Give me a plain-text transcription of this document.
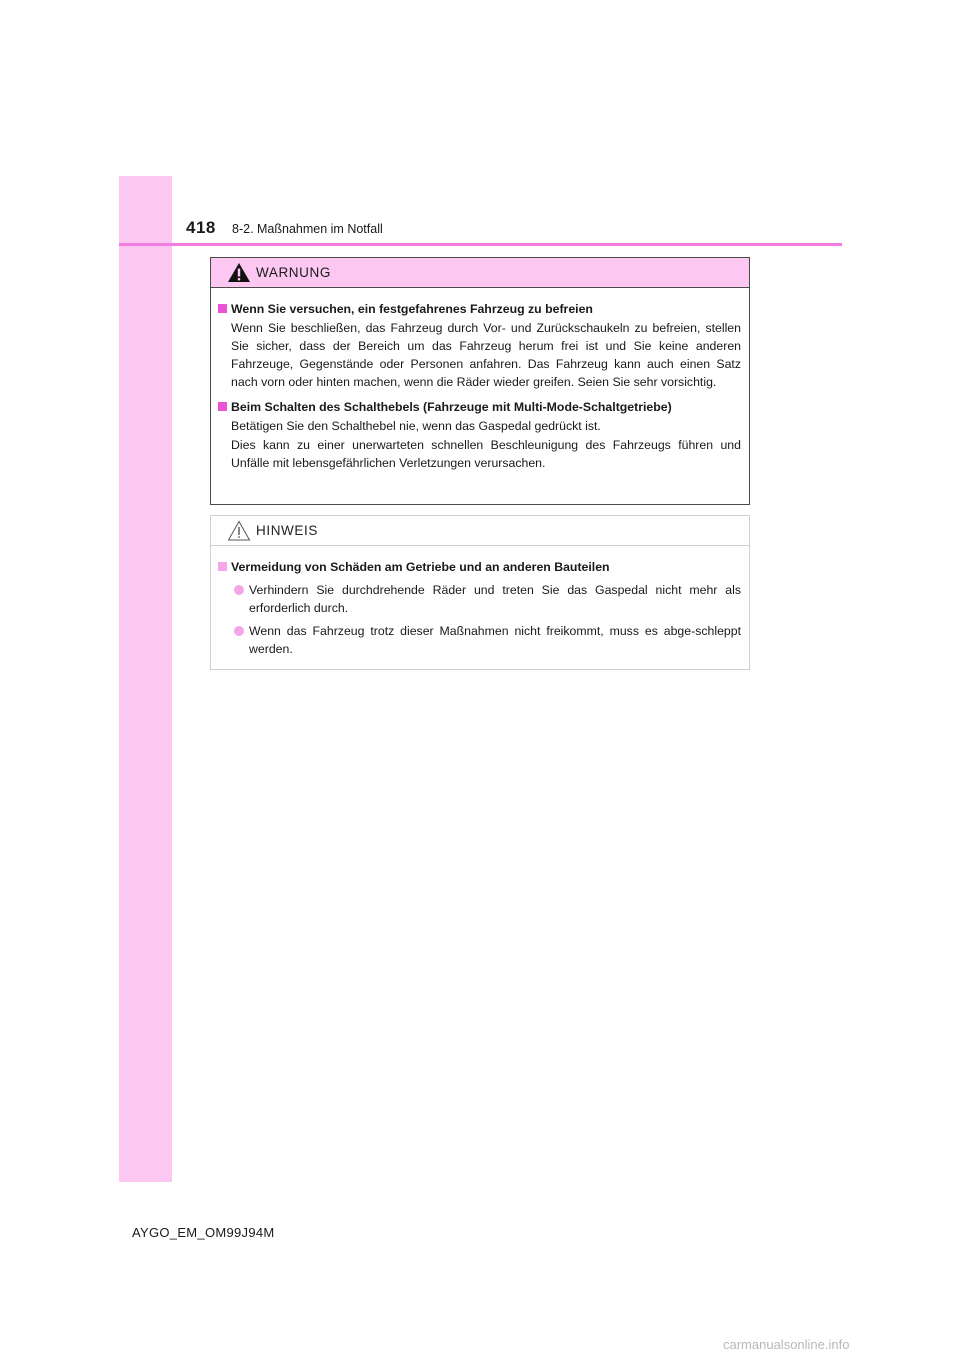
418 8-2. Maßnahmen im Notfall
WARNUNG
Wenn Sie versuchen, ein festgefahrenes Fahrzeug zu befreien
Wenn Sie beschließen, das Fahrzeug durch Vor- und Zurückschaukeln zu befreien, stellen Sie sicher, dass der Bereich um das Fahrzeug herum frei ist und Sie keine anderen Fahrzeuge, Gegenstände oder Personen anfahren. Das Fahrzeug kann auch einen Satz nach vorn oder hinten machen, wenn die Räder wieder greifen. Seien Sie sehr vorsichtig.
Beim Schalten des Schalthebels (Fahrzeuge mit Multi-Mode-Schaltgetriebe)
Betätigen Sie den Schalthebel nie, wenn das Gaspedal gedrückt ist.
Dies kann zu einer unerwarteten schnellen Beschleunigung des Fahrzeugs führen und Unfälle mit lebensgefährlichen Verletzungen verursachen.
HINWEIS
Vermeidung von Schäden am Getriebe und an anderen Bauteilen
Verhindern Sie durchdrehende Räder und treten Sie das Gaspedal nicht mehr als erforderlich durch.
Wenn das Fahrzeug trotz dieser Maßnahmen nicht freikommt, muss es abge-schleppt werden.
AYGO_EM_OM99J94M
carmanualsonline.info
